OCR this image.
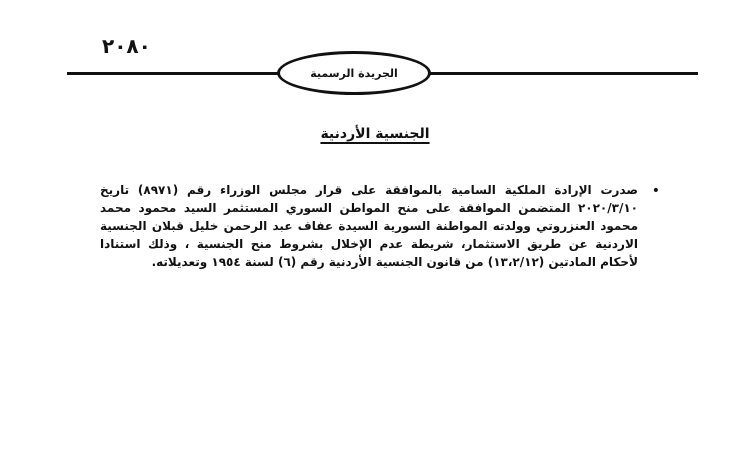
٢٠٨٠
الجريدة الرسمية
الجنسية الأردنية
•

صدرت الإرادة الملكية السامية بالموافقة على قرار مجلس الوزراء رقم (٨٩٧١) تاريخ ٢٠٢٠/٣/١٠ المتضمن الموافقة على منح المواطن السوري المستثمر السيد محمود محمد محمود العنزروتي وولدته المواطنة السورية السيدة عفاف عبد الرحمن خليل قبلان الجنسية الاردنية عن طريق الاستثمار، شريطة عدم الإخلال بشروط منح الجنسية ، وذلك استنادا لأحكام المادتين (١٣،٢/١٢) من قانون الجنسية الأردنية رقم (٦) لسنة ١٩٥٤ وتعديلاته.
